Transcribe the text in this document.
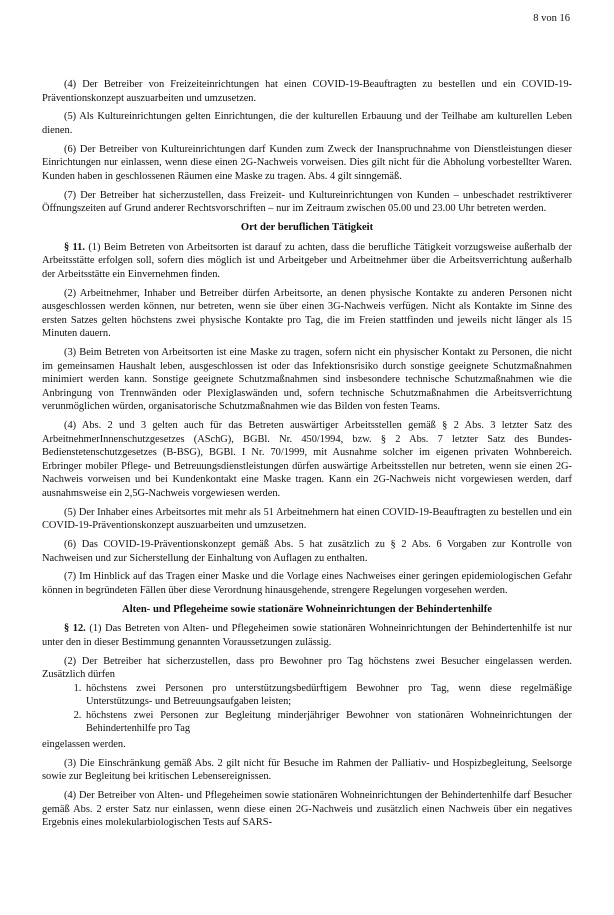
8 von 16

(4) Der Betreiber von Freizeiteinrichtungen hat einen COVID-19-Beauftragten zu bestellen und ein COVID-19-Präventionskonzept auszuarbeiten und umzusetzen.

(5) Als Kultureinrichtungen gelten Einrichtungen, die der kulturellen Erbauung und der Teilhabe am kulturellen Leben dienen.

(6) Der Betreiber von Kultureinrichtungen darf Kunden zum Zweck der Inanspruchnahme von Dienstleistungen dieser Einrichtungen nur einlassen, wenn diese einen 2G-Nachweis vorweisen. Dies gilt nicht für die Abholung vorbestellter Waren. Kunden haben in geschlossenen Räumen eine Maske zu tragen. Abs. 4 gilt sinngemäß.

(7) Der Betreiber hat sicherzustellen, dass Freizeit- und Kultureinrichtungen von Kunden – unbeschadet restriktiverer Öffnungszeiten auf Grund anderer Rechtsvorschriften – nur im Zeitraum zwischen 05.00 und 23.00 Uhr betreten werden.

Ort der beruflichen Tätigkeit

§ 11. (1) Beim Betreten von Arbeitsorten ist darauf zu achten, dass die berufliche Tätigkeit vorzugsweise außerhalb der Arbeitsstätte erfolgen soll, sofern dies möglich ist und Arbeitgeber und Arbeitnehmer über die Arbeitsverrichtung außerhalb der Arbeitsstätte ein Einvernehmen finden.

(2) Arbeitnehmer, Inhaber und Betreiber dürfen Arbeitsorte, an denen physische Kontakte zu anderen Personen nicht ausgeschlossen werden können, nur betreten, wenn sie über einen 3G-Nachweis verfügen. Nicht als Kontakte im Sinne des ersten Satzes gelten höchstens zwei physische Kontakte pro Tag, die im Freien stattfinden und jeweils nicht länger als 15 Minuten dauern.

(3) Beim Betreten von Arbeitsorten ist eine Maske zu tragen, sofern nicht ein physischer Kontakt zu Personen, die nicht im gemeinsamen Haushalt leben, ausgeschlossen ist oder das Infektionsrisiko durch sonstige geeignete Schutzmaßnahmen minimiert werden kann. Sonstige geeignete Schutzmaßnahmen sind insbesondere technische Schutzmaßnahmen wie die Anbringung von Trennwänden oder Plexiglaswänden und, sofern technische Schutzmaßnahmen die Arbeitsverrichtung verunmöglichen würden, organisatorische Schutzmaßnahmen wie das Bilden von festen Teams.

(4) Abs. 2 und 3 gelten auch für das Betreten auswärtiger Arbeitsstellen gemäß § 2 Abs. 3 letzter Satz des ArbeitnehmerInnenschutzgesetzes (ASchG), BGBl. Nr. 450/1994, bzw. § 2 Abs. 7 letzter Satz des Bundes-Bedienstetenschutzgesetzes (B-BSG), BGBl. I Nr. 70/1999, mit Ausnahme solcher im eigenen privaten Wohnbereich. Erbringer mobiler Pflege- und Betreuungsdienstleistungen dürfen auswärtige Arbeitsstellen nur betreten, wenn sie einen 2G-Nachweis vorweisen und bei Kundenkontakt eine Maske tragen. Kann ein 2G-Nachweis nicht vorgewiesen werden, darf ausnahmsweise ein 2,5G-Nachweis vorgewiesen werden.

(5) Der Inhaber eines Arbeitsortes mit mehr als 51 Arbeitnehmern hat einen COVID-19-Beauftragten zu bestellen und ein COVID-19-Präventionskonzept auszuarbeiten und umzusetzen.

(6) Das COVID-19-Präventionskonzept gemäß Abs. 5 hat zusätzlich zu § 2 Abs. 6 Vorgaben zur Kontrolle von Nachweisen und zur Sicherstellung der Einhaltung von Auflagen zu enthalten.

(7) Im Hinblick auf das Tragen einer Maske und die Vorlage eines Nachweises einer geringen epidemiologischen Gefahr können in begründeten Fällen über diese Verordnung hinausgehende, strengere Regelungen vorgesehen werden.

Alten- und Pflegeheime sowie stationäre Wohneinrichtungen der Behindertenhilfe

§ 12. (1) Das Betreten von Alten- und Pflegeheimen sowie stationären Wohneinrichtungen der Behindertenhilfe ist nur unter den in dieser Bestimmung genannten Voraussetzungen zulässig.

(2) Der Betreiber hat sicherzustellen, dass pro Bewohner pro Tag höchstens zwei Besucher eingelassen werden. Zusätzlich dürfen

1. höchstens zwei Personen pro unterstützungsbedürftigem Bewohner pro Tag, wenn diese regelmäßige Unterstützungs- und Betreuungsaufgaben leisten;
2. höchstens zwei Personen zur Begleitung minderjähriger Bewohner von stationären Wohneinrichtungen der Behindertenhilfe pro Tag

eingelassen werden.

(3) Die Einschränkung gemäß Abs. 2 gilt nicht für Besuche im Rahmen der Palliativ- und Hospizbegleitung, Seelsorge sowie zur Begleitung bei kritischen Lebensereignissen.

(4) Der Betreiber von Alten- und Pflegeheimen sowie stationären Wohneinrichtungen der Behindertenhilfe darf Besucher gemäß Abs. 2 erster Satz nur einlassen, wenn diese einen 2G-Nachweis und zusätzlich einen Nachweis über ein negatives Ergebnis eines molekularbiologischen Tests auf SARS-
